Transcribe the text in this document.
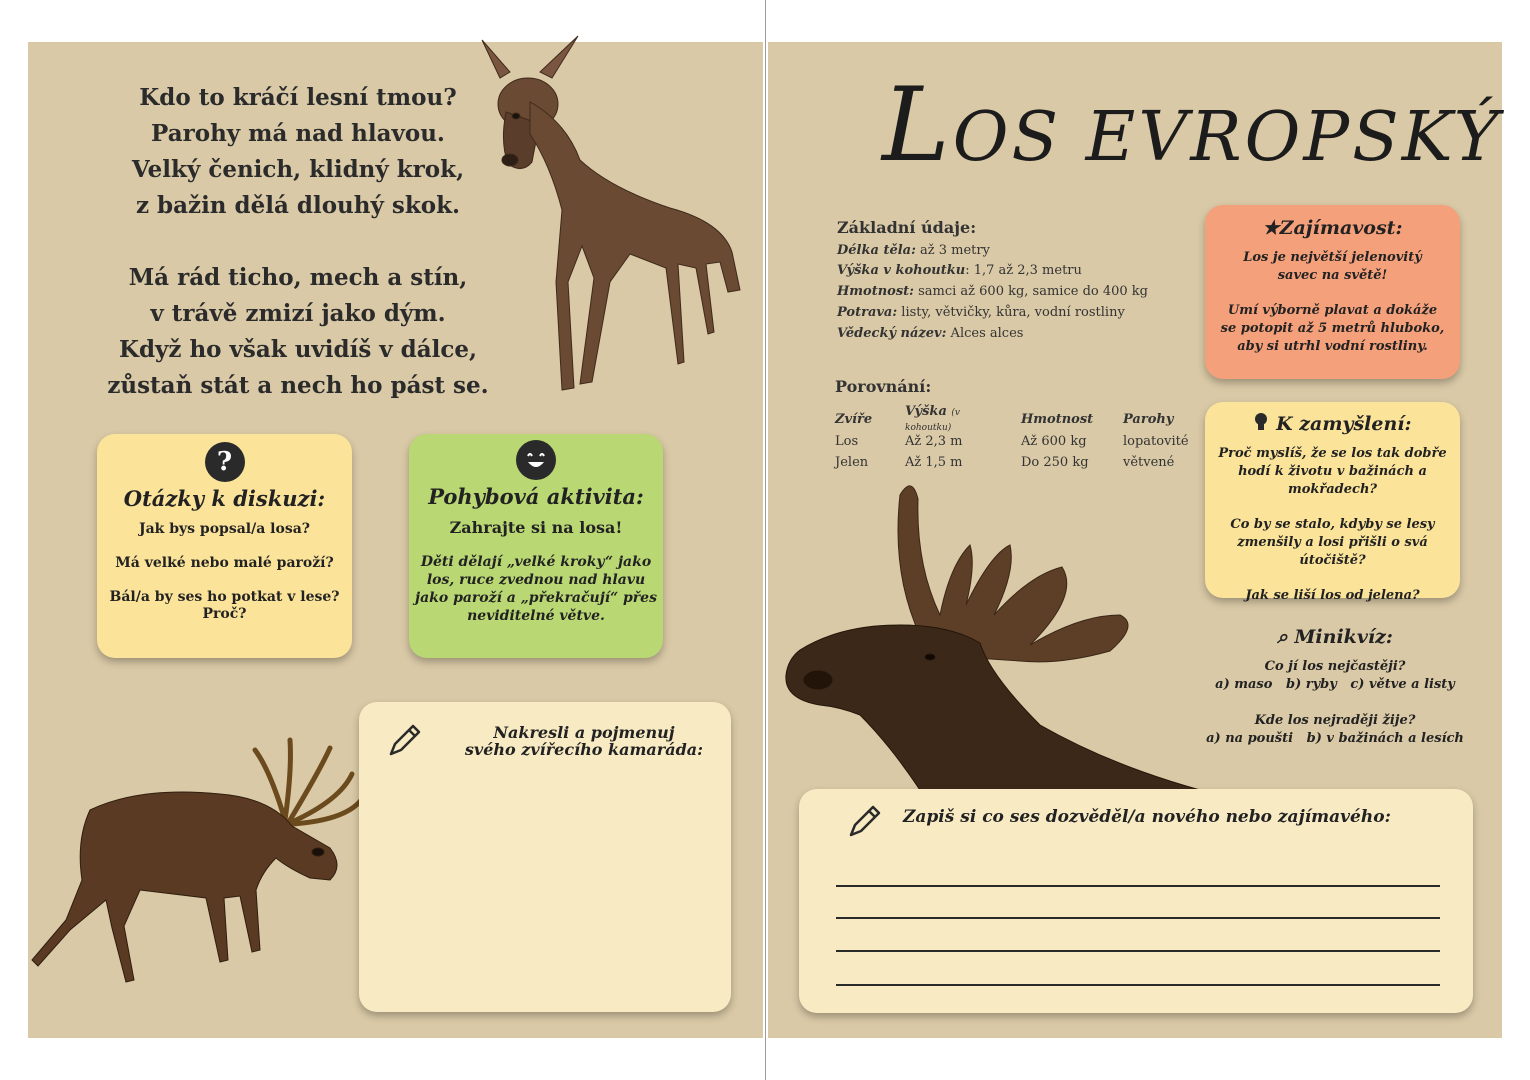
Kdo to kráčí lesní tmou?
Parohy má nad hlavou.
Velký čenich, klidný krok,
z bažin dělá dlouhý skok.
Má rád ticho, mech a stín,
v trávě zmizí jako dým.
Když ho však uvidíš v dálce,
zůstaň stát a nech ho pást se.
?
Otázky k diskuzi:

Jak bys popsal/a losa?

Má velké nebo malé paroží?

Bál/a by ses ho potkat v lese? Proč?

Pohybová aktivita:

Zahrajte si na losa!

Děti dělají „velké kroky“ jako los, ruce zvednou nad hlavu jako paroží a „překračují“ přes neviditelné větve.

Nakresli a pojmenuj
svého zvířecího kamaráda:
LOS EVROPSKÝ
Základní údaje:
Délka těla: až 3 metry
Výška v kohoutku: 1,7 až 2,3 metru
Hmotnost: samci až 600 kg, samice do 400 kg
Potrava: listy, větvičky, kůra, vodní rostliny
Vědecký název: Alces alces
Porovnání:
Zvíře	Výška (v kohoutku)	Hmotnost	Parohy
Los	Až 2,3 m	Až 600 kg	lopatovité
Jelen	Až 1,5 m	Do 250 kg	větvené
★Zajímavost:

Los je největší jelenovitý savec na světě!

Umí výborně plavat a dokáže se potopit až 5 metrů hluboko, aby si utrhl vodní rostliny.

K zamyšlení:

Proč myslíš, že se los tak dobře hodí k životu v bažinách a mokřadech?

Co by se stalo, kdyby se lesy zmenšily a losi přišli o svá útočiště?

Jak se liší los od jelena?

⌕ Minikvíz:
Co jí los nejčastěji?

a) maso   b) ryby   c) větve a listy

Kde los nejraději žije?

a) na poušti   b) v bažinách a lesích

Zapiš si co ses dozvěděl/a nového nebo zajímavého:
